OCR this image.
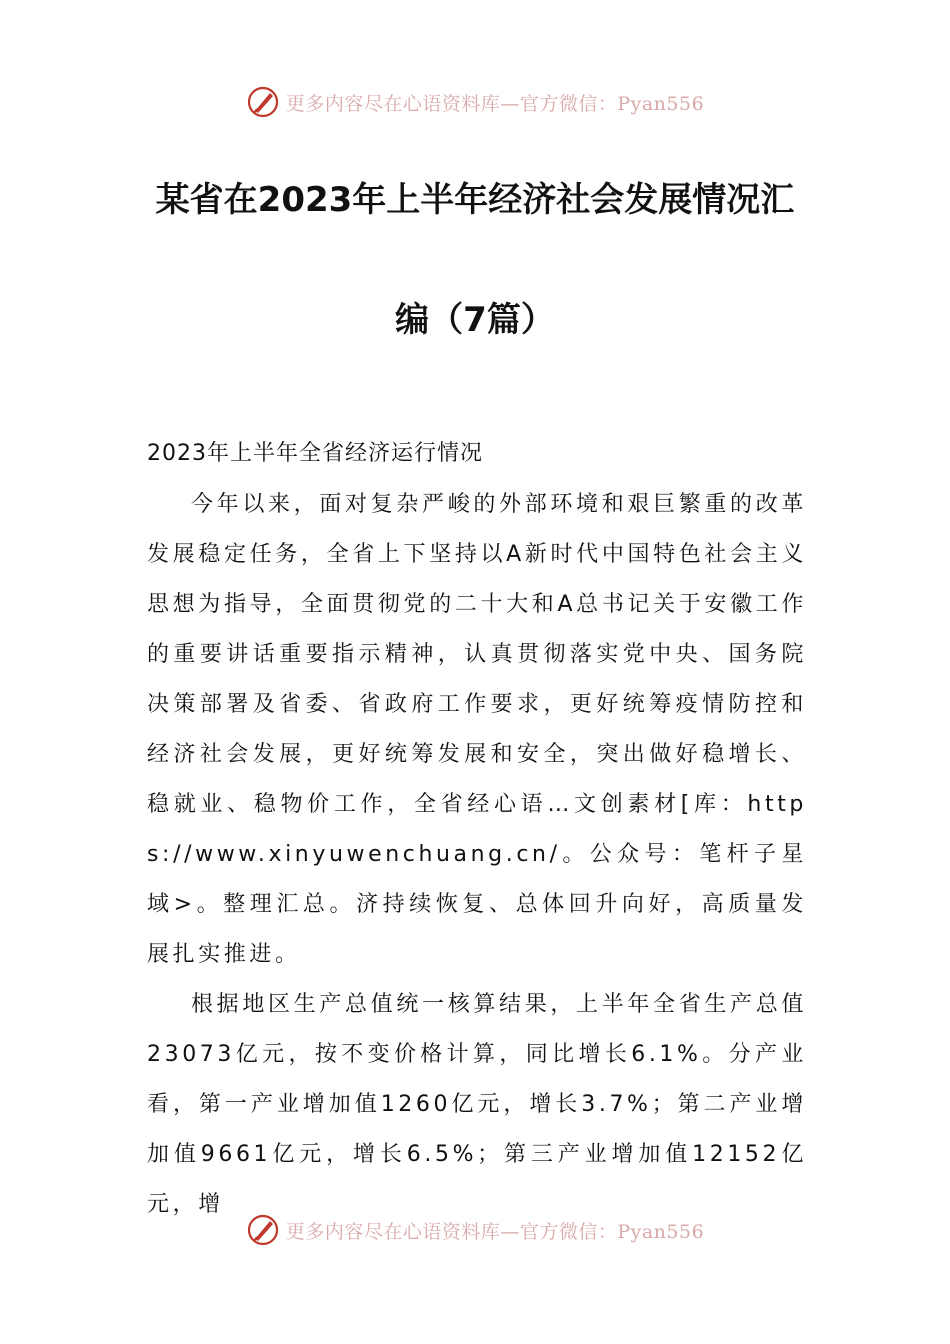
更多内容尽在心语资料库—官方微信：Pyan556
某省在2023年上半年经济社会发展情况汇
编（7篇）
2023年上半年全省经济运行情况

今年以来，面对复杂严峻的外部环境和艰巨繁重的改革发展稳定任务，全省上下坚持以A新时代中国特色社会主义思想为指导，全面贯彻党的二十大和A总书记关于安徽工作的重要讲话重要指示精神，认真贯彻落实党中央、国务院决策部署及省委、省政府工作要求，更好统筹疫情防控和经济社会发展，更好统筹发展和安全，突出做好稳增长、稳就业、稳物价工作，全省经心语…文创素材[库：https://www.xinyuwenchuang.cn/。公众号：笔杆子星域>。整理汇总。济持续恢复、总体回升向好，高质量发展扎实推进。

根据地区生产总值统一核算结果，上半年全省生产总值23073亿元，按不变价格计算，同比增长6.1%。分产业看，第一产业增加值1260亿元，增长3.7%；第二产业增加值9661亿元，增长6.5%；第三产业增加值12152亿元，增

更多内容尽在心语资料库—官方微信：Pyan556
